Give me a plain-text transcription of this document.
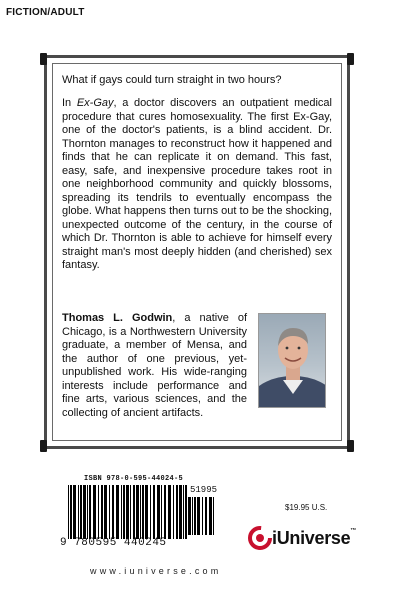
FICTION/ADULT

What if gays could turn straight in two hours?

In Ex-Gay, a doctor discovers an outpatient medical procedure that cures homosexuality. The first Ex-Gay, one of the doctor's patients, is a blind accident. Dr. Thornton manages to reconstruct how it happened and finds that he can replicate it on demand. This fast, easy, safe, and inexpensive procedure takes root in one neighborhood community and quickly blossoms, spreading its tendrils to eventually encompass the globe. What happens then turns out to be the shocking, unexpected outcome of the century, in the course of which Dr. Thornton is able to achieve for himself every straight man's most deeply hidden (and cherished) sex fantasy.

Thomas L. Godwin, a native of Chicago, is a Northwestern University graduate, a member of Mensa, and the author of one previous, yet-unpublished work. His wide-ranging interests include performance and fine arts, various sciences, and the collecting of ancient artifacts.

ISBN 978-0-595-44024-5
51995
9 780595 440245
$19.95 U.S.
iUniverse™
www.iuniverse.com
